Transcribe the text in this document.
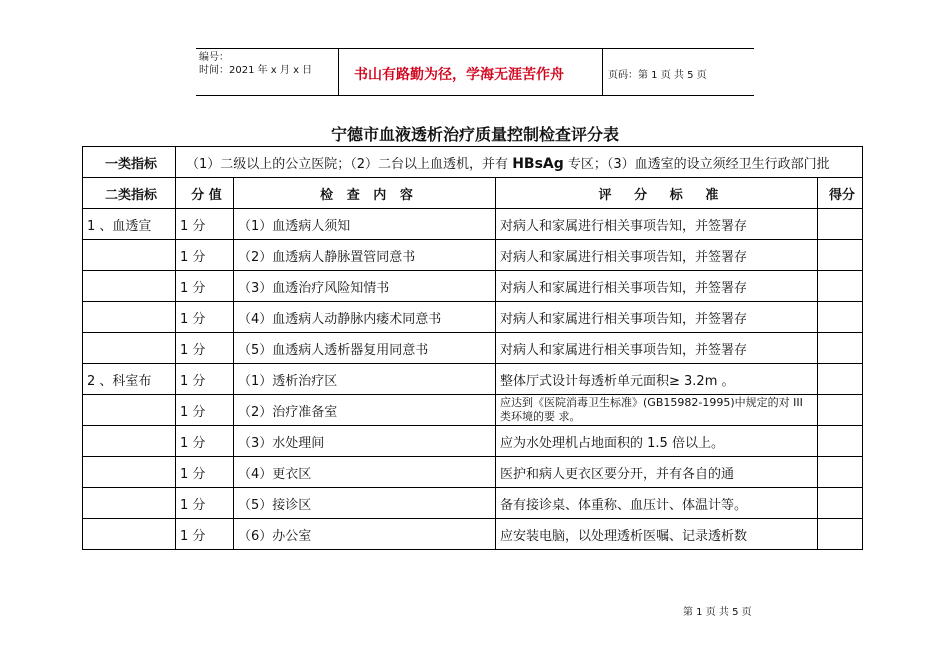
编号：
时间：2021 年 x 月 x 日	书山有路勤为径，学海无涯苦作舟	页码：第 1 页 共 5 页
宁德市血液透析治疗质量控制检查评分表
一类指标	（1）二级以上的公立医院；（2）二台以上血透机，并有 HBsAg 专区；（3）血透室的设立须经卫生行政部门批			
二类指标	分 值	检   查   内   容	评     分     标     准	得分
1 、血透宣	1 分	（1）血透病人须知	对病人和家属进行相关事项告知，并签署存	
	1 分	（2）血透病人静脉置管同意书	对病人和家属进行相关事项告知，并签署存	
	1 分	（3）血透治疗风险知情书	对病人和家属进行相关事项告知，并签署存	
	1 分	（4）血透病人动静脉内瘘术同意书	对病人和家属进行相关事项告知，并签署存	
	1 分	（5）血透病人透析器复用同意书	对病人和家属进行相关事项告知，并签署存	
2 、科室布	1 分	（1）透析治疗区	整体厅式设计每透析单元面积≥ 3.2m 。	
	1 分	（2）治疗准备室	应达到《医院消毒卫生标准》(GB15982-1995)中规定的对 III 类环境的要 求。	
	1 分	（3）水处理间	应为水处理机占地面积的 1.5 倍以上。	
	1 分	（4）更衣区	医护和病人更衣区要分开，并有各自的通	
	1 分	（5）接诊区	备有接诊桌、体重称、血压计、体温计等。	
	1 分	（6）办公室	应安装电脑，以处理透析医嘱、记录透析数	
第 1 页 共 5 页
